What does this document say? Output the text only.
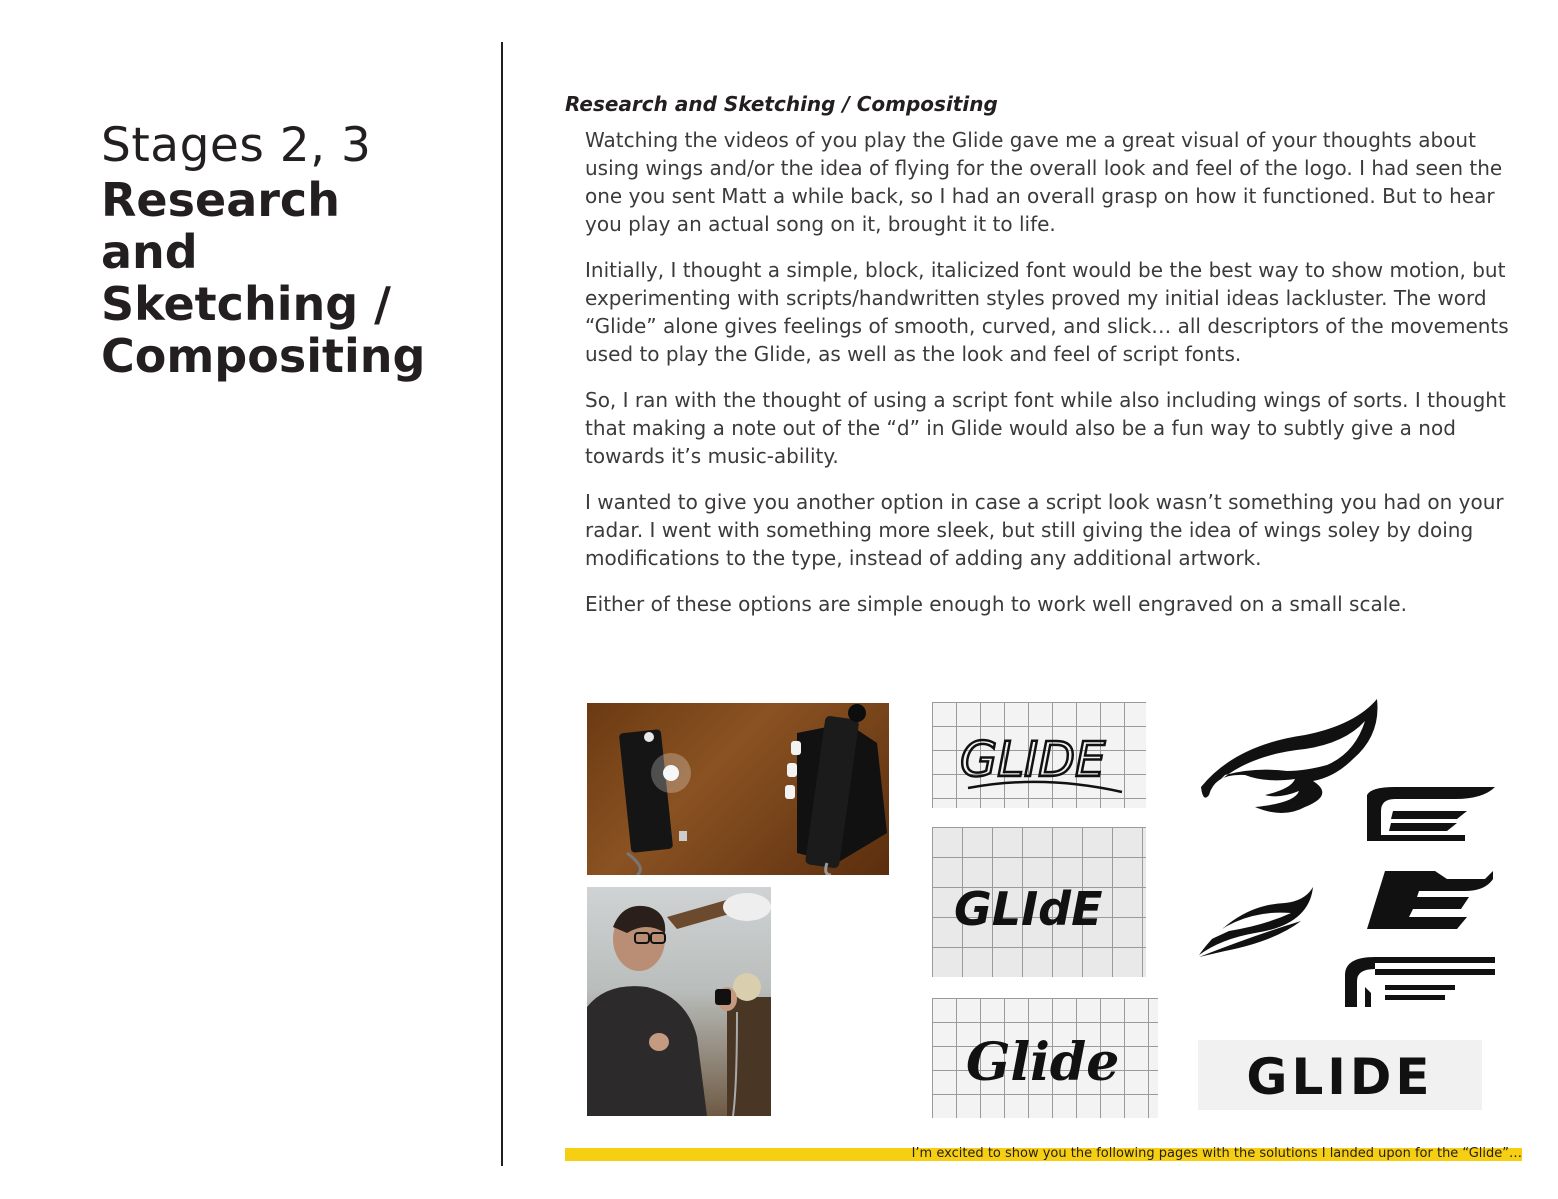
Stages 2, 3
Research
and
Sketching /
Compositing
Research and Sketching / Compositing

Watching the videos of you play the Glide gave me a great visual of your thoughts about using wings and/or the idea of flying for the overall look and feel of the logo. I had seen the one you sent Matt a while back, so I had an overall grasp on how it functioned. But to hear you play an actual song on it, brought it to life.

Initially, I thought a simple, block, italicized font would be the best way to show motion, but experimenting with scripts/handwritten styles proved my initial ideas lackluster. The word “Glide” alone gives feelings of smooth, curved, and slick… all descriptors of the movements used to play the Glide, as well as the look and feel of script fonts.

So, I ran with the thought of using a script font while also including wings of sorts. I thought that making a note out of the “d” in Glide would also be a fun way to subtly give a nod towards it’s music-ability.

I wanted to give you another option in case a script look wasn’t something you had on your radar. I went with something more sleek, but still giving the idea of wings soley by doing modifications to the type, instead of adding any additional artwork.

Either of these options are simple enough to work well engraved on a small scale.

GLIDE
GLIdE
Glide	GLIDE
I’m excited to show you the following pages with the solutions I landed upon for the “Glide”…
